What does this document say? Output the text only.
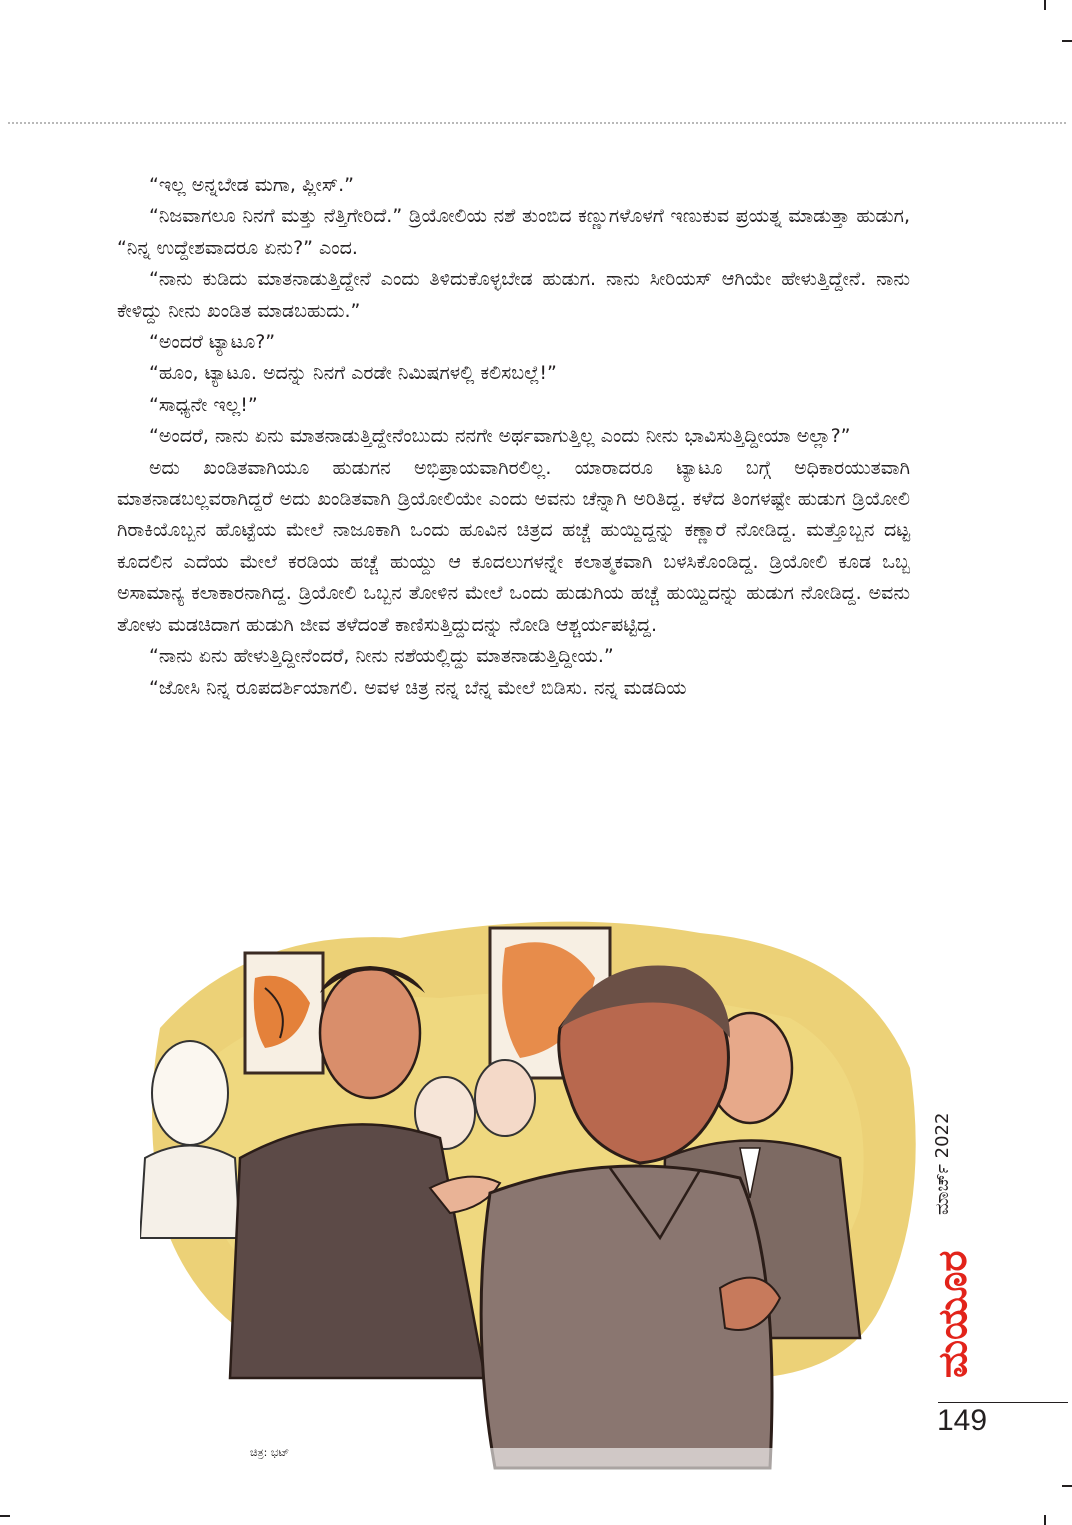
“ಇಲ್ಲ ಅನ್ನಬೇಡ ಮಗಾ, ಪ್ಲೀಸ್.”

“ನಿಜವಾಗಲೂ ನಿನಗೆ ಮತ್ತು ನೆತ್ತಿಗೇರಿದೆ.” ಡ್ರಿಯೋಲಿಯ ನಶೆ ತುಂಬಿದ ಕಣ್ಣುಗಳೊಳಗೆ ಇಣುಕುವ ಪ್ರಯತ್ನ ಮಾಡುತ್ತಾ ಹುಡುಗ, “ನಿನ್ನ ಉದ್ದೇಶವಾದರೂ ಏನು?” ಎಂದ.

“ನಾನು ಕುಡಿದು ಮಾತನಾಡುತ್ತಿದ್ದೇನೆ ಎಂದು ತಿಳಿದುಕೊಳ್ಳಬೇಡ ಹುಡುಗ. ನಾನು ಸೀರಿಯಸ್ ಆಗಿಯೇ ಹೇಳುತ್ತಿದ್ದೇನೆ. ನಾನು ಕೇಳಿದ್ದು ನೀನು ಖಂಡಿತ ಮಾಡಬಹುದು.”

“ಅಂದರೆ ಟ್ಯಾಟೂ?”

“ಹೂಂ, ಟ್ಯಾಟೂ. ಅದನ್ನು ನಿನಗೆ ಎರಡೇ ನಿಮಿಷಗಳಲ್ಲಿ ಕಲಿಸಬಲ್ಲೆ!”

“ಸಾಧ್ಯನೇ ಇಲ್ಲ!”

“ಅಂದರೆ, ನಾನು ಏನು ಮಾತನಾಡುತ್ತಿದ್ದೇನೆಂಬುದು ನನಗೇ ಅರ್ಥವಾಗುತ್ತಿಲ್ಲ ಎಂದು ನೀನು ಭಾವಿಸುತ್ತಿದ್ದೀಯಾ ಅಲ್ಲಾ?”

ಅದು ಖಂಡಿತವಾಗಿಯೂ ಹುಡುಗನ ಅಭಿಪ್ರಾಯವಾಗಿರಲಿಲ್ಲ. ಯಾರಾದರೂ ಟ್ಯಾಟೂ ಬಗ್ಗೆ ಅಧಿಕಾರಯುತವಾಗಿ ಮಾತನಾಡಬಲ್ಲವರಾಗಿದ್ದರೆ ಅದು ಖಂಡಿತವಾಗಿ ಡ್ರಿಯೋಲಿಯೇ ಎಂದು ಅವನು ಚೆನ್ನಾಗಿ ಅರಿತಿದ್ದ. ಕಳೆದ ತಿಂಗಳಷ್ಟೇ ಹುಡುಗ ಡ್ರಿಯೋಲಿ ಗಿರಾಕಿಯೊಬ್ಬನ ಹೊಟ್ಟೆಯ ಮೇಲೆ ನಾಜೂಕಾಗಿ ಒಂದು ಹೂವಿನ ಚಿತ್ರದ ಹಚ್ಚೆ ಹುಯ್ದಿದ್ದನ್ನು ಕಣ್ಣಾರೆ ನೋಡಿದ್ದ. ಮತ್ತೊಬ್ಬನ ದಟ್ಟ ಕೂದಲಿನ ಎದೆಯ ಮೇಲೆ ಕರಡಿಯ ಹಚ್ಚೆ ಹುಯ್ದು ಆ ಕೂದಲುಗಳನ್ನೇ ಕಲಾತ್ಮಕವಾಗಿ ಬಳಸಿಕೊಂಡಿದ್ದ. ಡ್ರಿಯೋಲಿ ಕೂಡ ಒಬ್ಬ ಅಸಾಮಾನ್ಯ ಕಲಾಕಾರನಾಗಿದ್ದ. ಡ್ರಿಯೋಲಿ ಒಬ್ಬನ ತೋಳಿನ ಮೇಲೆ ಒಂದು ಹುಡುಗಿಯ ಹಚ್ಚೆ ಹುಯ್ದಿದನ್ನು ಹುಡುಗ ನೋಡಿದ್ದ. ಅವನು ತೋಳು ಮಡಚಿದಾಗ ಹುಡುಗಿ ಜೀವ ತಳೆದಂತೆ ಕಾಣಿಸುತ್ತಿದ್ದುದನ್ನು ನೋಡಿ ಆಶ್ಚರ್ಯಪಟ್ಟಿದ್ದ.

“ನಾನು ಏನು ಹೇಳುತ್ತಿದ್ದೀನೆಂದರೆ, ನೀನು ನಶೆಯಲ್ಲಿದ್ದು ಮಾತನಾಡುತ್ತಿದ್ದೀಯ.”

“ಜೋಸಿ ನಿನ್ನ ರೂಪದರ್ಶಿಯಾಗಲಿ. ಅವಳ ಚಿತ್ರ ನನ್ನ ಬೆನ್ನ ಮೇಲೆ ಬಿಡಿಸು. ನನ್ನ ಮಡದಿಯ

ಚಿತ್ರ: ಭಟ್
ಮಾರ್ಚ್ 2022
ಮಯೂರ
149
